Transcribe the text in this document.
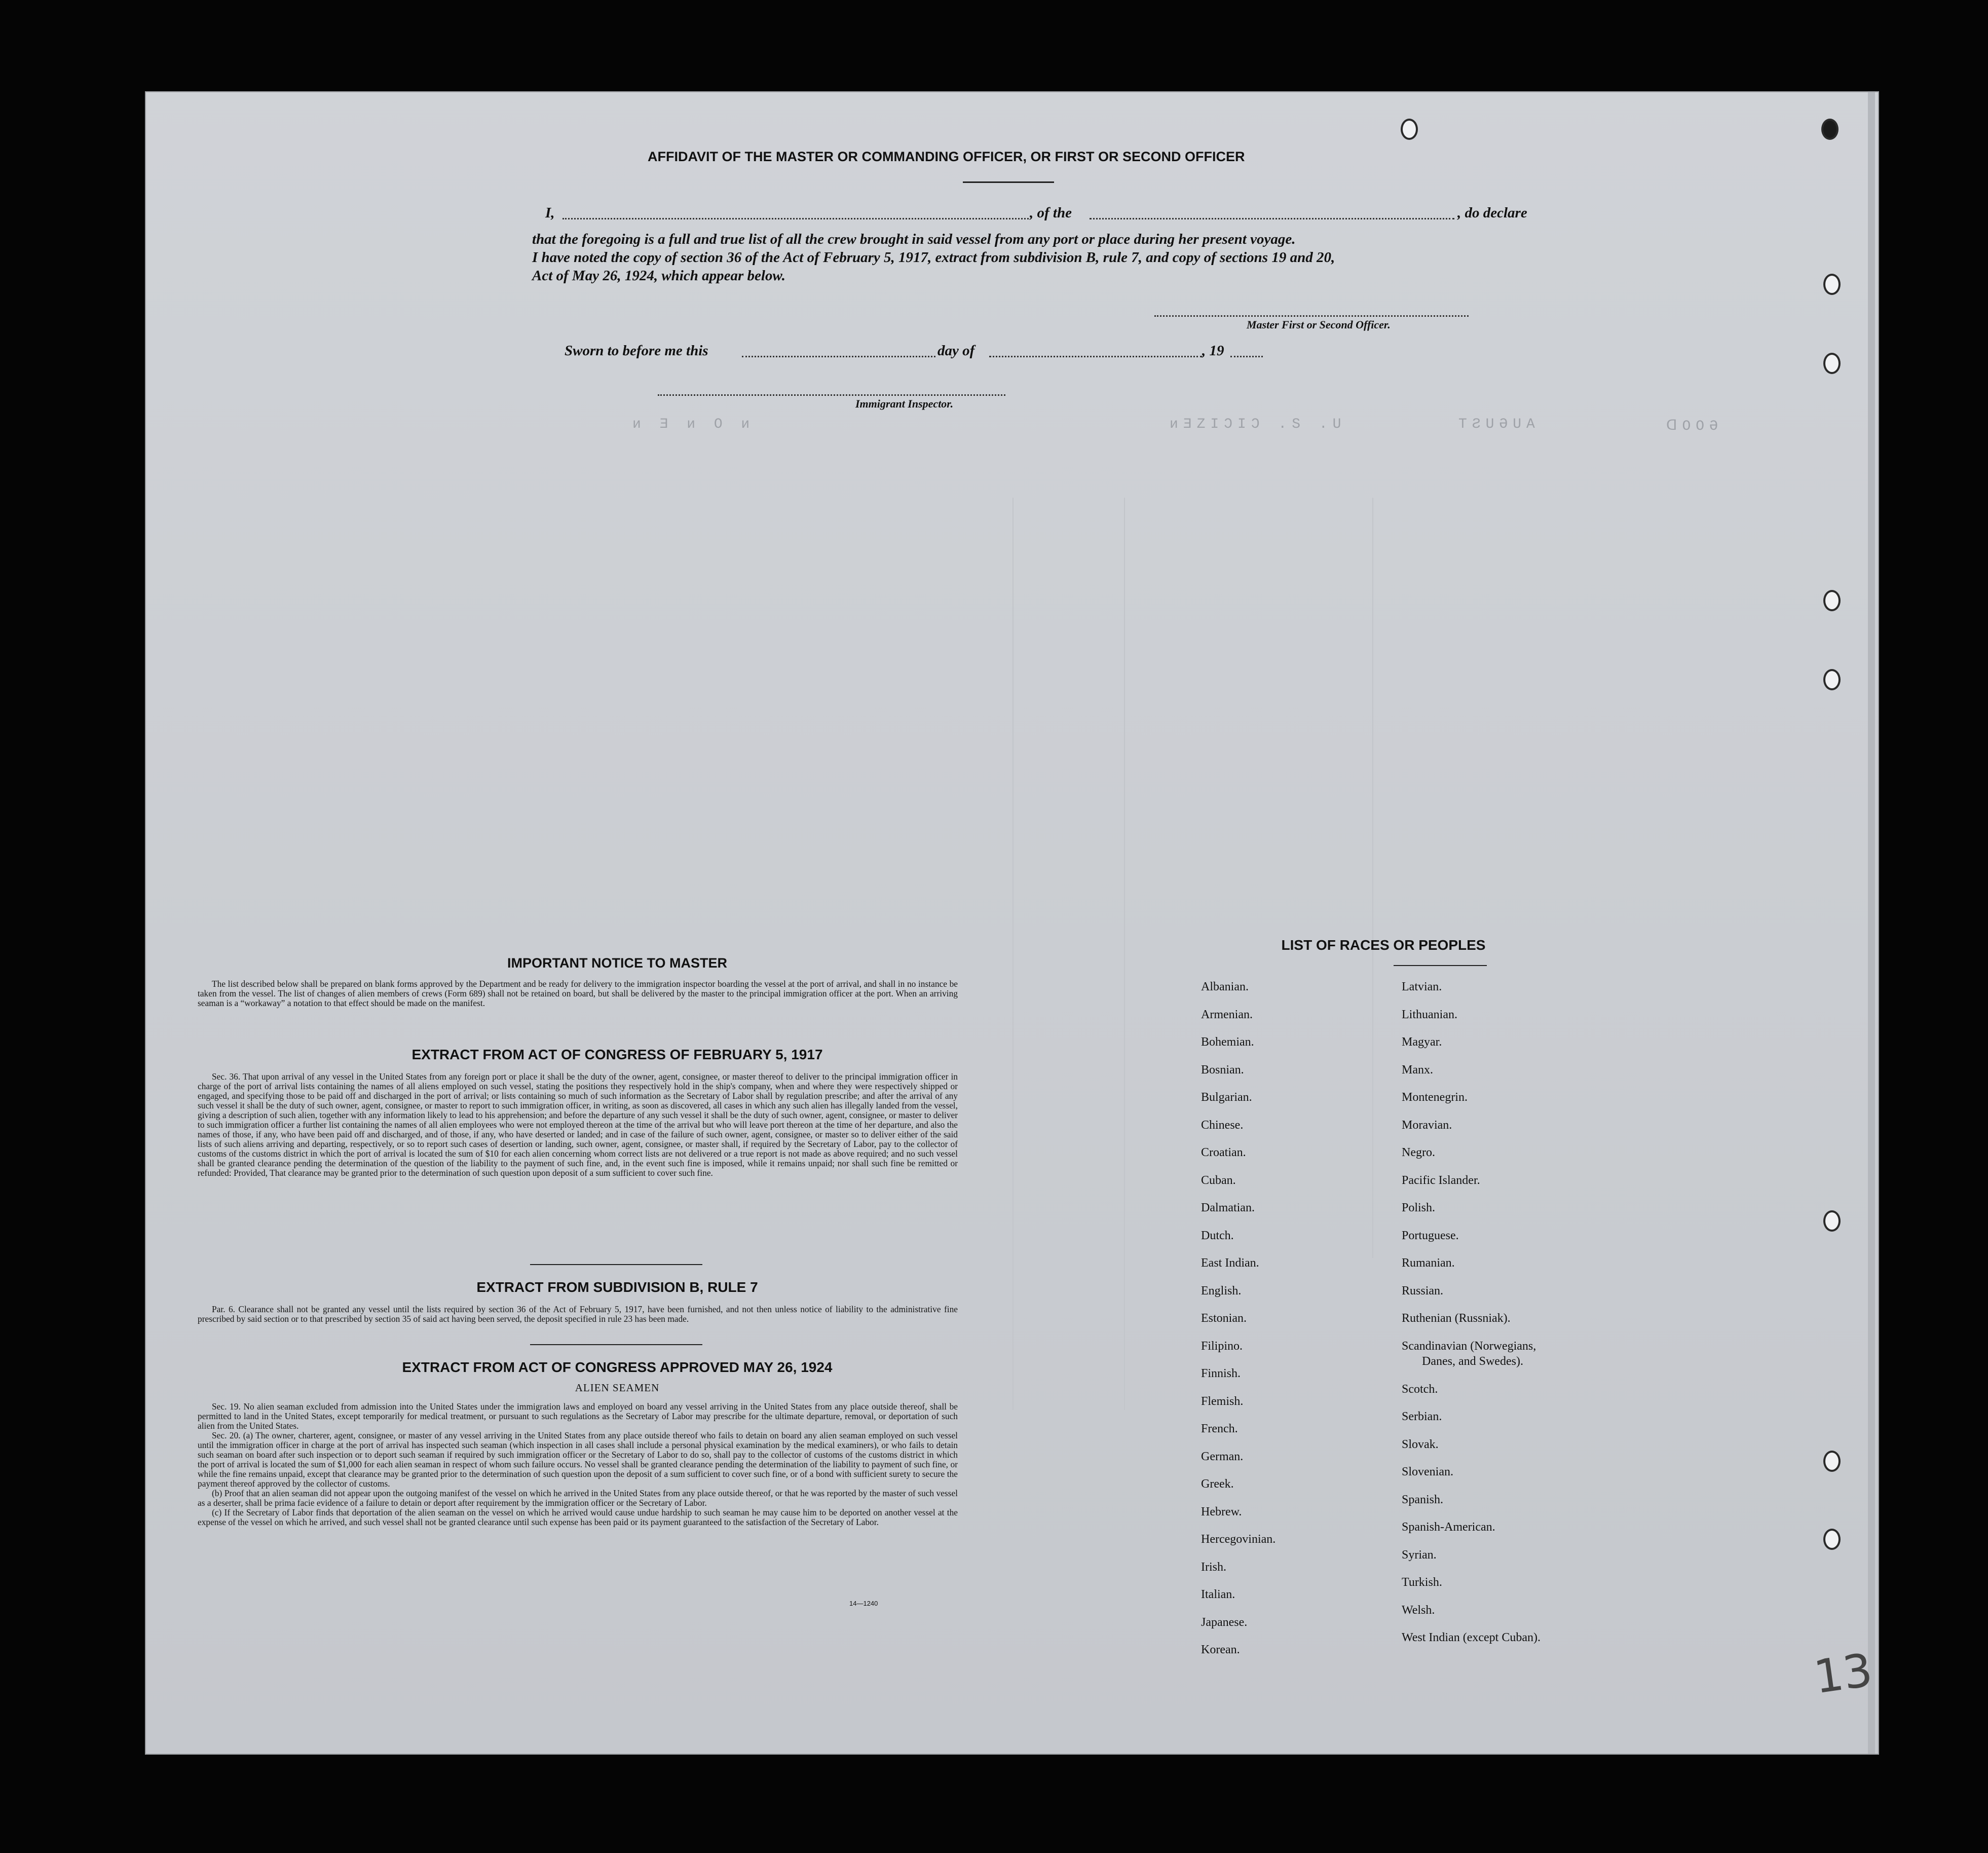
ᴎ Ǝ ᴎ O ᴎ	ᴎƎZIƆIƆ .S .U	TƧUӘUA	ᗡOOӘ
AFFIDAVIT OF THE MASTER OR COMMANDING OFFICER, OR FIRST OR SECOND OFFICER
I,	, of the	, do declare
that the foregoing is a full and true list of all the crew brought in said vessel from any port or place during her present voyage.
I have noted the copy of section 36 of the Act of February 5, 1917, extract from subdivision B, rule 7, and copy of sections 19 and 20,
Act of May 26, 1924, which appear below.
Master First or Second Officer.
Sworn to before me this	day of	, 19
Immigrant Inspector.
IMPORTANT NOTICE TO MASTER
The list described below shall be prepared on blank forms approved by the Department and be ready for delivery to the immigration inspector boarding the vessel at the port of arrival, and shall in no instance be taken from the vessel. The list of changes of alien members of crews (Form 689) shall not be retained on board, but shall be delivered by the master to the principal immigration officer at the port. When an arriving seaman is a “workaway” a notation to that effect should be made on the manifest.
EXTRACT FROM ACT OF CONGRESS OF FEBRUARY 5, 1917
Sec. 36. That upon arrival of any vessel in the United States from any foreign port or place it shall be the duty of the owner, agent, consignee, or master thereof to deliver to the principal immigration officer in charge of the port of arrival lists containing the names of all aliens employed on such vessel, stating the positions they respectively hold in the ship's company, when and where they were respectively shipped or engaged, and specifying those to be paid off and discharged in the port of arrival; or lists containing so much of such information as the Secretary of Labor shall by regulation prescribe; and after the arrival of any such vessel it shall be the duty of such owner, agent, consignee, or master to report to such immigration officer, in writing, as soon as discovered, all cases in which any such alien has illegally landed from the vessel, giving a description of such alien, together with any information likely to lead to his apprehension; and before the departure of any such vessel it shall be the duty of such owner, agent, consignee, or master to deliver to such immigration officer a further list containing the names of all alien employees who were not employed thereon at the time of the arrival but who will leave port thereon at the time of her departure, and also the names of those, if any, who have been paid off and discharged, and of those, if any, who have deserted or landed; and in case of the failure of such owner, agent, consignee, or master so to deliver either of the said lists of such aliens arriving and departing, respectively, or so to report such cases of desertion or landing, such owner, agent, consignee, or master shall, if required by the Secretary of Labor, pay to the collector of customs of the customs district in which the port of arrival is located the sum of $10 for each alien concerning whom correct lists are not delivered or a true report is not made as above required; and no such vessel shall be granted clearance pending the determination of the question of the liability to the payment of such fine, and, in the event such fine is imposed, while it remains unpaid; nor shall such fine be remitted or refunded: Provided, That clearance may be granted prior to the determination of such question upon deposit of a sum sufficient to cover such fine.
EXTRACT FROM SUBDIVISION B, RULE 7
Par. 6. Clearance shall not be granted any vessel until the lists required by section 36 of the Act of February 5, 1917, have been furnished, and not then unless notice of liability to the administrative fine prescribed by said section or to that prescribed by section 35 of said act having been served, the deposit specified in rule 23 has been made.
EXTRACT FROM ACT OF CONGRESS APPROVED MAY 26, 1924
ALIEN SEAMEN

Sec. 19. No alien seaman excluded from admission into the United States under the immigration laws and employed on board any vessel arriving in the United States from any place outside thereof, shall be permitted to land in the United States, except temporarily for medical treatment, or pursuant to such regulations as the Secretary of Labor may prescribe for the ultimate departure, removal, or deportation of such alien from the United States.

Sec. 20. (a) The owner, charterer, agent, consignee, or master of any vessel arriving in the United States from any place outside thereof who fails to detain on board any alien seaman employed on such vessel until the immigration officer in charge at the port of arrival has inspected such seaman (which inspection in all cases shall include a personal physical examination by the medical examiners), or who fails to detain such seaman on board after such inspection or to deport such seaman if required by such immigration officer or the Secretary of Labor to do so, shall pay to the collector of customs of the customs district in which the port of arrival is located the sum of $1,000 for each alien seaman in respect of whom such failure occurs. No vessel shall be granted clearance pending the determination of the liability to payment of such fine, or while the fine remains unpaid, except that clearance may be granted prior to the determination of such question upon the deposit of a sum sufficient to cover such fine, or of a bond with sufficient surety to secure the payment thereof approved by the collector of customs.

(b) Proof that an alien seaman did not appear upon the outgoing manifest of the vessel on which he arrived in the United States from any place outside thereof, or that he was reported by the master of such vessel as a deserter, shall be prima facie evidence of a failure to detain or deport after requirement by the immigration officer or the Secretary of Labor.

(c) If the Secretary of Labor finds that deportation of the alien seaman on the vessel on which he arrived would cause undue hardship to such seaman he may cause him to be deported on another vessel at the expense of the vessel on which he arrived, and such vessel shall not be granted clearance until such expense has been paid or its payment guaranteed to the satisfaction of the Secretary of Labor.

14—1240
LIST OF RACES OR PEOPLES
Albanian.
Armenian.
Bohemian.
Bosnian.
Bulgarian.
Chinese.
Croatian.
Cuban.
Dalmatian.
Dutch.
East Indian.
English.
Estonian.
Filipino.
Finnish.
Flemish.
French.
German.
Greek.
Hebrew.
Hercegovinian.
Irish.
Italian.
Japanese.
Korean.
Latvian.
Lithuanian.
Magyar.
Manx.
Montenegrin.
Moravian.
Negro.
Pacific Islander.
Polish.
Portuguese.
Rumanian.
Russian.
Ruthenian (Russniak).
Scandinavian (Norwegians,
Danes, and Swedes).
Scotch.
Serbian.
Slovak.
Slovenian.
Spanish.
Spanish-American.
Syrian.
Turkish.
Welsh.
West Indian (except Cuban).
13
